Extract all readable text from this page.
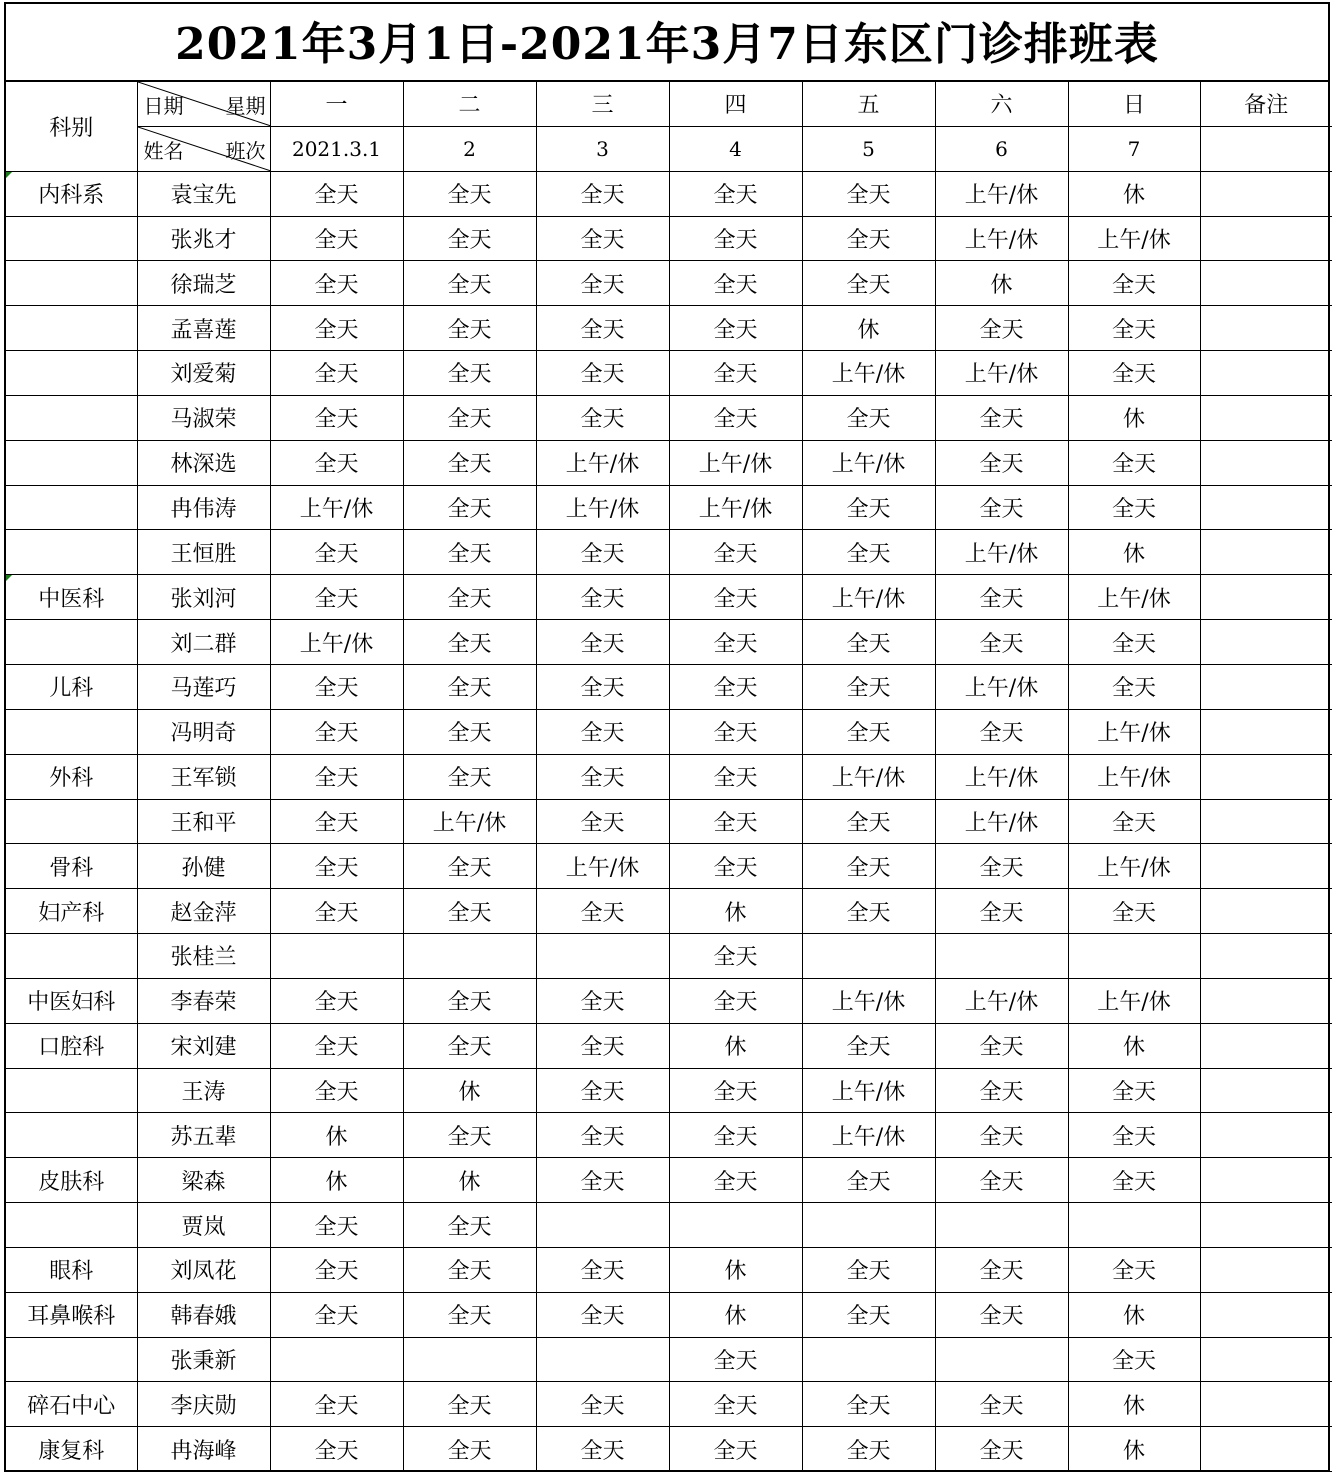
2021年3月1日-2021年3月7日东区门诊排班表
科别	日期 星期	一	二	三	四	五	六	日	备注

	姓名 班次	2021.3.1	2	3	4	5	6	7	

内科系	袁宝先	全天	全天	全天	全天	全天	上午/休	休	
	张兆才	全天	全天	全天	全天	全天	上午/休	上午/休	
	徐瑞芝	全天	全天	全天	全天	全天	休	全天	
	孟喜莲	全天	全天	全天	全天	休	全天	全天	
	刘爱菊	全天	全天	全天	全天	上午/休	上午/休	全天	
	马淑荣	全天	全天	全天	全天	全天	全天	休	
	林深选	全天	全天	上午/休	上午/休	上午/休	全天	全天	
	冉伟涛	上午/休	全天	上午/休	上午/休	全天	全天	全天	
	王恒胜	全天	全天	全天	全天	全天	上午/休	休	

中医科	张刘河	全天	全天	全天	全天	上午/休	全天	上午/休	
	刘二群	上午/休	全天	全天	全天	全天	全天	全天	
儿科	马莲巧	全天	全天	全天	全天	全天	上午/休	全天	
	冯明奇	全天	全天	全天	全天	全天	全天	上午/休	
外科	王军锁	全天	全天	全天	全天	上午/休	上午/休	上午/休	
	王和平	全天	上午/休	全天	全天	全天	上午/休	全天	
骨科	孙健	全天	全天	上午/休	全天	全天	全天	上午/休	
妇产科	赵金萍	全天	全天	全天	休	全天	全天	全天	
	张桂兰				全天				
中医妇科	李春荣	全天	全天	全天	全天	上午/休	上午/休	上午/休	
口腔科	宋刘建	全天	全天	全天	休	全天	全天	休	
	王涛	全天	休	全天	全天	上午/休	全天	全天	
	苏五辈	休	全天	全天	全天	上午/休	全天	全天	
皮肤科	梁森	休	休	全天	全天	全天	全天	全天	
	贾岚	全天	全天						
眼科	刘凤花	全天	全天	全天	休	全天	全天	全天	
耳鼻喉科	韩春娥	全天	全天	全天	休	全天	全天	休	
	张秉新				全天			全天	
碎石中心	李庆勋	全天	全天	全天	全天	全天	全天	休	
康复科	冉海峰	全天	全天	全天	全天	全天	全天	休	
